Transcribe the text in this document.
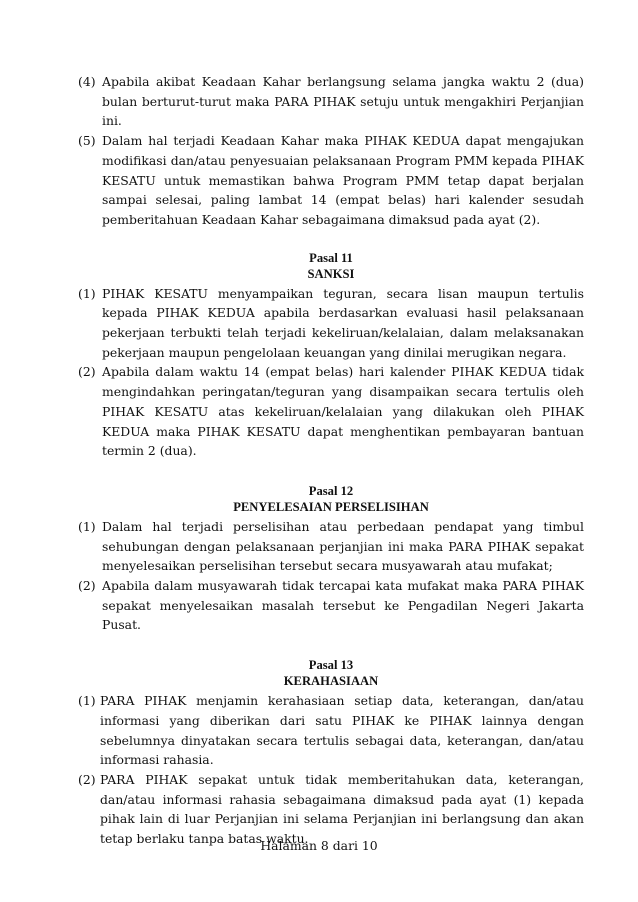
(4) Apabila akibat Keadaan Kahar berlangsung selama jangka waktu 2 (dua) bulan berturut-turut maka PARA PIHAK setuju untuk mengakhiri Perjanjian ini.

(5) Dalam hal terjadi Keadaan Kahar maka PIHAK KEDUA dapat mengajukan modifikasi dan/atau penyesuaian pelaksanaan Program PMM kepada PIHAK KESATU untuk memastikan bahwa Program PMM tetap dapat berjalan sampai selesai, paling lambat 14 (empat belas) hari kalender sesudah pemberitahuan Keadaan Kahar sebagaimana dimaksud pada ayat (2).

Pasal 11

SANKSI

(1) PIHAK KESATU menyampaikan teguran, secara lisan maupun tertulis kepada PIHAK KEDUA apabila berdasarkan evaluasi hasil pelaksanaan pekerjaan terbukti telah terjadi kekeliruan/kelalaian, dalam melaksanakan pekerjaan maupun pengelolaan keuangan yang dinilai merugikan negara.

(2) Apabila dalam waktu 14 (empat belas) hari kalender PIHAK KEDUA tidak mengindahkan peringatan/teguran yang disampaikan secara tertulis oleh PIHAK KESATU atas kekeliruan/kelalaian yang dilakukan oleh PIHAK KEDUA maka PIHAK KESATU dapat menghentikan pembayaran bantuan termin 2 (dua).

Pasal 12

PENYELESAIAN PERSELISIHAN

(1) Dalam hal terjadi perselisihan atau perbedaan pendapat yang timbul sehubungan dengan pelaksanaan perjanjian ini maka PARA PIHAK sepakat menyelesaikan perselisihan tersebut secara musyawarah atau mufakat;

(2) Apabila dalam musyawarah tidak tercapai kata mufakat maka PARA PIHAK sepakat menyelesaikan masalah tersebut ke Pengadilan Negeri Jakarta Pusat.

Pasal 13

KERAHASIAAN

(1) PARA PIHAK menjamin kerahasiaan setiap data, keterangan, dan/atau informasi yang diberikan dari satu PIHAK ke PIHAK lainnya dengan sebelumnya dinyatakan secara tertulis sebagai data, keterangan, dan/atau informasi rahasia.

(2) PARA PIHAK sepakat untuk tidak memberitahukan data, keterangan, dan/atau informasi rahasia sebagaimana dimaksud pada ayat (1) kepada pihak lain di luar Perjanjian ini selama Perjanjian ini berlangsung dan akan tetap berlaku tanpa batas waktu.

Halaman 8 dari 10
